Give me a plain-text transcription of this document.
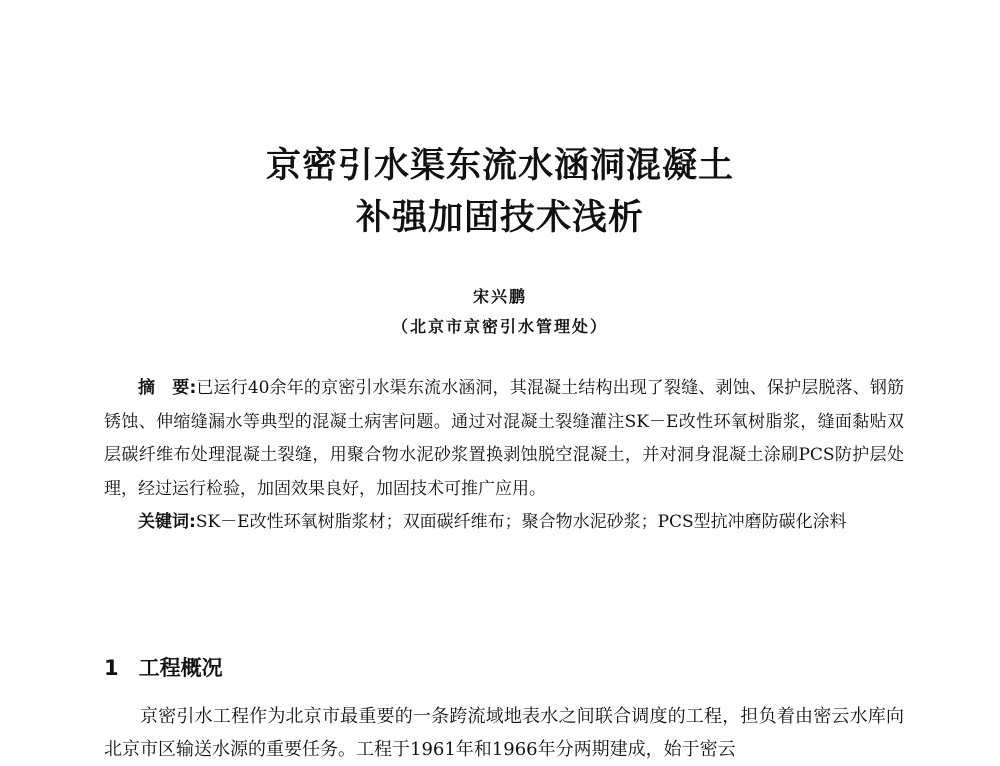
京密引水渠东流水涵洞混凝土
补强加固技术浅析
宋兴鹏
（北京市京密引水管理处）

摘　要:已运行40余年的京密引水渠东流水涵洞，其混凝土结构出现了裂缝、剥蚀、保护层脱落、钢筋锈蚀、伸缩缝漏水等典型的混凝土病害问题。通过对混凝土裂缝灌注SK－E改性环氧树脂浆，缝面黏贴双层碳纤维布处理混凝土裂缝，用聚合物水泥砂浆置换剥蚀脱空混凝土，并对洞身混凝土涂刷PCS防护层处理，经过运行检验，加固效果良好，加固技术可推广应用。

关键词:SK－E改性环氧树脂浆材；双面碳纤维布；聚合物水泥砂浆；PCS型抗冲磨防碳化涂料

1 工程概况

京密引水工程作为北京市最重要的一条跨流域地表水之间联合调度的工程，担负着由密云水库向北京市区输送水源的重要任务。工程于1961年和1966年分两期建成，始于密云
